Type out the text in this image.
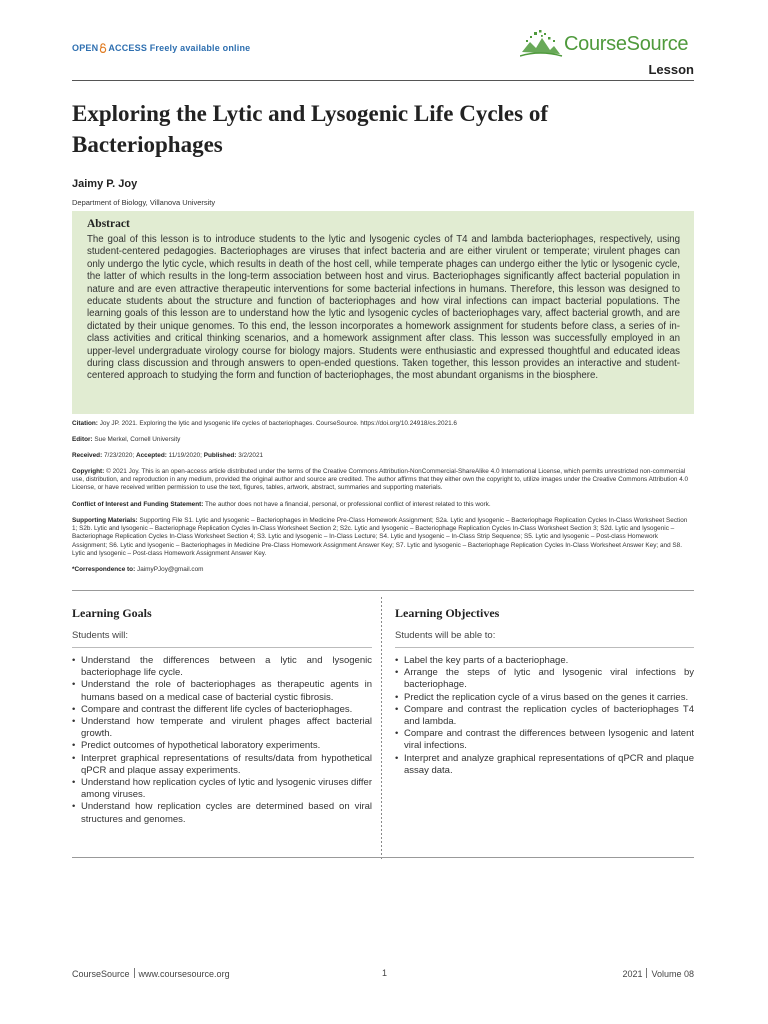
OPEN ACCESS Freely available online	CourseSource
Lesson
Exploring the Lytic and Lysogenic Life Cycles of Bacteriophages
Jaimy P. Joy
Department of Biology, Villanova University
Abstract
The goal of this lesson is to introduce students to the lytic and lysogenic cycles of T4 and lambda bacteriophages, respectively, using student-centered pedagogies. Bacteriophages are viruses that infect bacteria and are either virulent or temperate; virulent phages can only undergo the lytic cycle, which results in death of the host cell, while temperate phages can undergo either the lytic or lysogenic cycle, the latter of which results in the long-term association between host and virus. Bacteriophages significantly affect bacterial population in nature and are even attractive therapeutic interventions for some bacterial infections in humans. Therefore, this lesson was designed to educate students about the structure and function of bacteriophages and how viral infections can impact bacterial populations. The learning goals of this lesson are to understand how the lytic and lysogenic cycles of bacteriophages vary, affect bacterial growth, and are dictated by their unique genomes. To this end, the lesson incorporates a homework assignment for students before class, a series of in-class activities and critical thinking scenarios, and a homework assignment after class. This lesson was successfully employed in an upper-level undergraduate virology course for biology majors. Students were enthusiastic and expressed thoughtful and educated ideas during class discussion and through answers to open-ended questions. Taken together, this lesson provides an interactive and student-centered approach to studying the form and function of bacteriophages, the most abundant organisms in the biosphere.
Citation: Joy JP. 2021. Exploring the lytic and lysogenic life cycles of bacteriophages. CourseSource. https://doi.org/10.24918/cs.2021.6
Editor: Sue Merkel, Cornell University
Received: 7/23/2020; Accepted: 11/19/2020; Published: 3/2/2021
Copyright: © 2021 Joy. This is an open-access article distributed under the terms of the Creative Commons Attribution-NonCommercial-ShareAlike 4.0 International License, which permits unrestricted non-commercial use, distribution, and reproduction in any medium, provided the original author and source are credited. The author affirms that they either own the copyright to, utilize images under the Creative Commons Attribution 4.0 License, or have received written permission to use the text, figures, tables, artwork, abstract, summaries and supporting materials.
Conflict of Interest and Funding Statement: The author does not have a financial, personal, or professional conflict of interest related to this work.
Supporting Materials: Supporting File S1. Lytic and lysogenic – Bacteriophages in Medicine Pre-Class Homework Assignment; S2a. Lytic and lysogenic – Bacteriophage Replication Cycles In-Class Worksheet Section 1; S2b. Lytic and lysogenic – Bacteriophage Replication Cycles In-Class Worksheet Section 2; S2c. Lytic and lysogenic – Bacteriophage Replication Cycles In-Class Worksheet Section 3; S2d. Lytic and lysogenic – Bacteriophage Replication Cycles In-Class Worksheet Section 4; S3. Lytic and lysogenic – In-Class Lecture; S4. Lytic and lysogenic – In-Class Strip Sequence; S5. Lytic and lysogenic – Post-class Homework Assignment; S6. Lytic and lysogenic – Bacteriophages in Medicine Pre-Class Homework Assignment Answer Key; S7. Lytic and lysogenic – Bacteriophage Replication Cycles In-Class Worksheet Answer Key; and S8. Lytic and lysogenic – Post-class Homework Assignment Answer Key.
*Correspondence to: JaimyPJoy@gmail.com
Learning Goals
Students will:
• Understand the differences between a lytic and lysogenic bacteriophage life cycle.
• Understand the role of bacteriophages as therapeutic agents in humans based on a medical case of bacterial cystic fibrosis.
• Compare and contrast the different life cycles of bacteriophages.
• Understand how temperate and virulent phages affect bacterial growth.
• Predict outcomes of hypothetical laboratory experiments.
• Interpret graphical representations of results/data from hypothetical qPCR and plaque assay experiments.
• Understand how replication cycles of lytic and lysogenic viruses differ among viruses.
• Understand how replication cycles are determined based on viral structures and genomes.
Learning Objectives
Students will be able to:
• Label the key parts of a bacteriophage.
• Arrange the steps of lytic and lysogenic viral infections by bacteriophage.
• Predict the replication cycle of a virus based on the genes it carries.
• Compare and contrast the replication cycles of bacteriophages T4 and lambda.
• Compare and contrast the differences between lysogenic and latent viral infections.
• Interpret and analyze graphical representations of qPCR and plaque assay data.
CourseSource www.coursesource.org	1	2021 Volume 08
